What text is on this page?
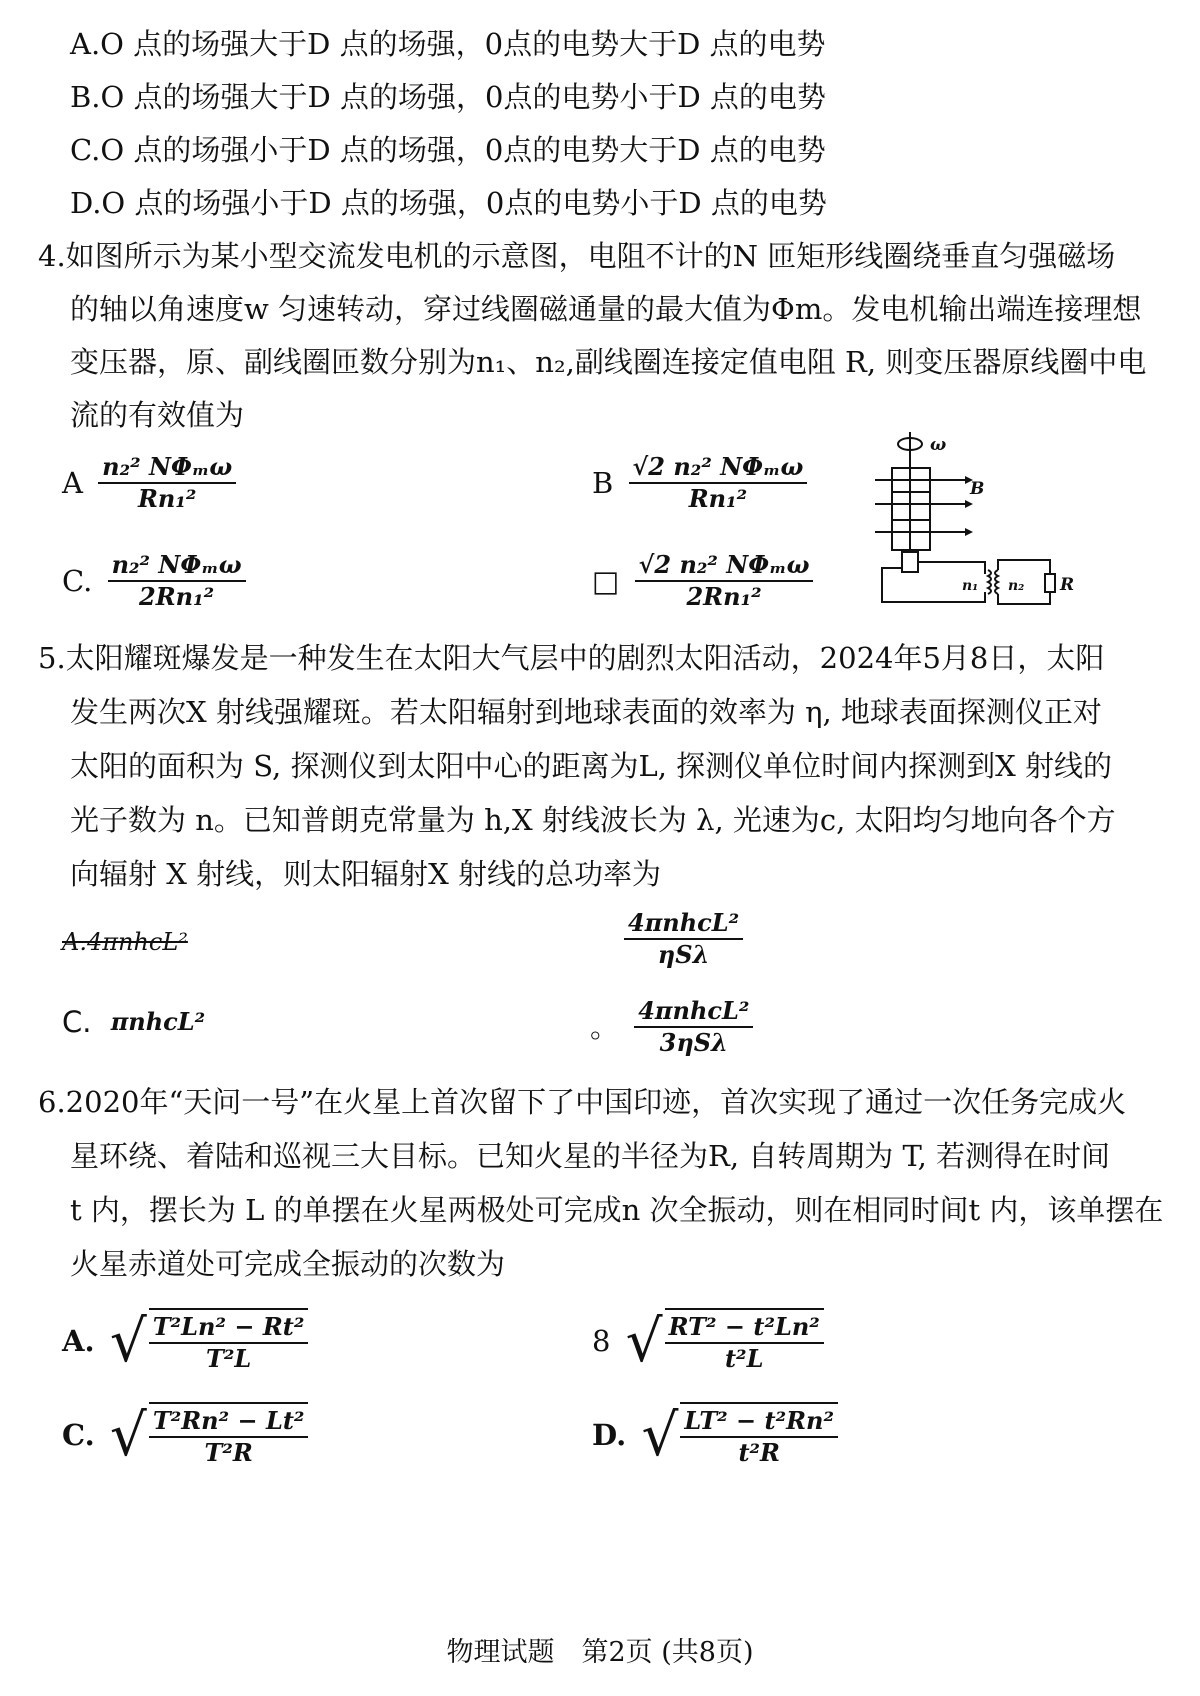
A.O 点的场强大于D 点的场强，0点的电势大于D 点的电势
B.O 点的场强大于D 点的场强，0点的电势小于D 点的电势
C.O 点的场强小于D 点的场强，0点的电势大于D 点的电势
D.O 点的场强小于D 点的场强，0点的电势小于D 点的电势
4.如图所示为某小型交流发电机的示意图，电阻不计的N 匝矩形线圈绕垂直匀强磁场
的轴以角速度w 匀速转动，穿过线圈磁通量的最大值为Φm。发电机输出端连接理想
变压器，原、副线圈匝数分别为n₁、n₂,副线圈连接定值电阻 R, 则变压器原线圈中电
流的有效值为
A $\frac{\text{n₂² NΦₘω}}{\text{Rn₁²}}$	B $\frac{\text{√2 n₂² NΦₘω}}{\text{Rn₁²}}$
C. $\frac{\text{n₂² NΦₘω}}{\text{2Rn₁²}}$	□ $\frac{\text{√2 n₂² NΦₘω}}{\text{2Rn₁²}}$
ω
B
n₁ n₂ R
5.太阳耀斑爆发是一种发生在太阳大气层中的剧烈太阳活动，2024年5月8日，太阳
发生两次X 射线强耀斑。若太阳辐射到地球表面的效率为 η, 地球表面探测仪正对
太阳的面积为 S, 探测仪到太阳中心的距离为L, 探测仪单位时间内探测到X 射线的
光子数为 n。已知普朗克常量为 h,X 射线波长为 λ, 光速为c, 太阳均匀地向各个方
向辐射 X 射线，则太阳辐射X 射线的总功率为
A.4πnhcL²	$\frac{\text{4πnhcL²}}{\text{ηSλ}}$
C. πnhcL²	。 $\frac{\text{4πnhcL²}}{\text{3ηSλ}}$
6.2020年“天问一号”在火星上首次留下了中国印迹，首次实现了通过一次任务完成火
星环绕、着陆和巡视三大目标。已知火星的半径为R, 自转周期为 T, 若测得在时间
t 内，摆长为 L 的单摆在火星两极处可完成n 次全振动，则在相同时间t 内，该单摆在
火星赤道处可完成全振动的次数为
A. √ $\frac{\text{T²Ln² − Rt²}}{\text{T²L}}$	8 √ $\frac{\text{RT² − t²Ln²}}{\text{t²L}}$
C. √ $\frac{\text{T²Rn² − Lt²}}{\text{T²R}}$	D. √ $\frac{\text{LT² − t²Rn²}}{\text{t²R}}$
物理试题　第2页 (共8页)
